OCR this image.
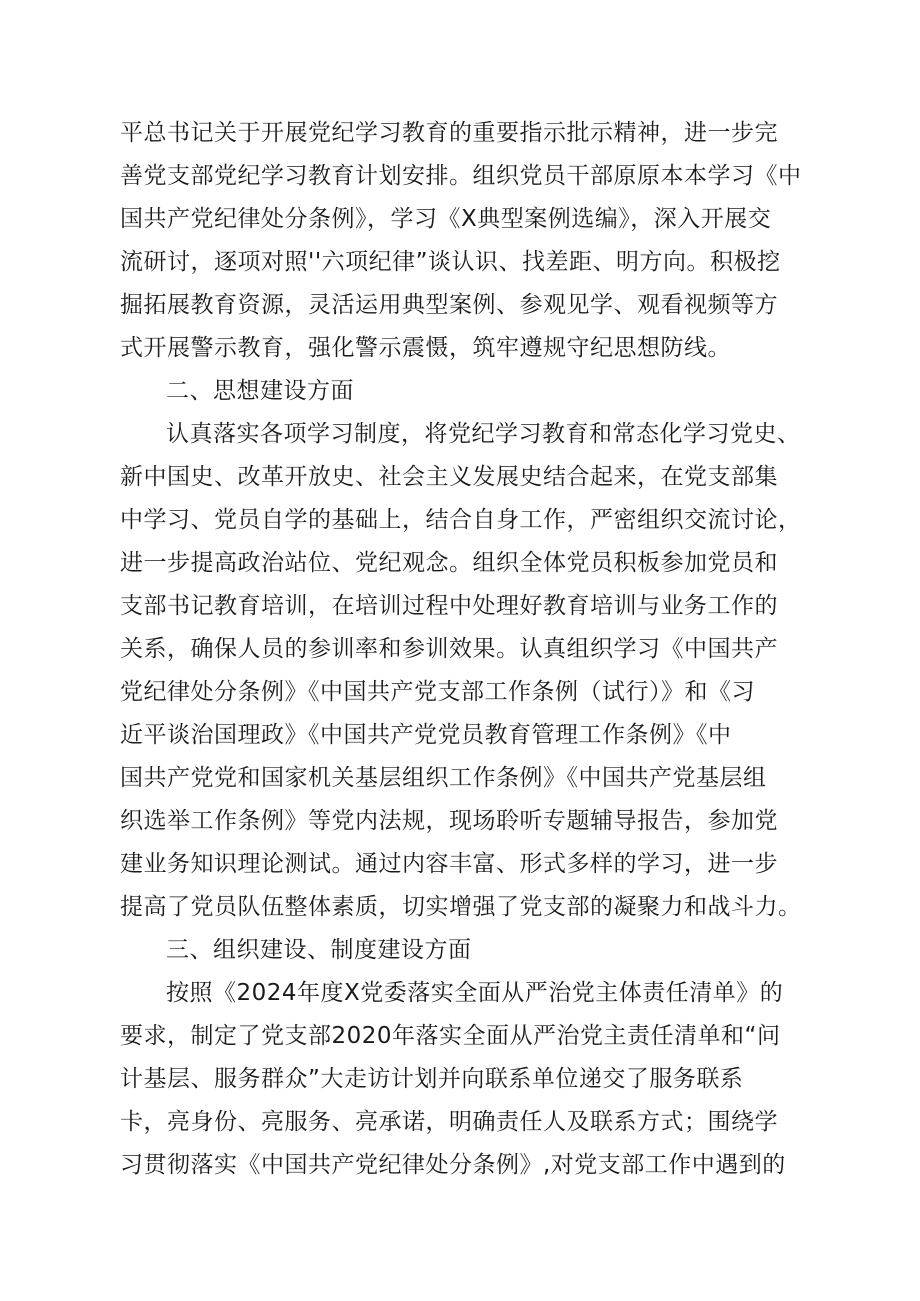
平总书记关于开展党纪学习教育的重要指示批示精神，进一步完
善党支部党纪学习教育计划安排。组织党员干部原原本本学习《中
国共产党纪律处分条例》，学习《X典型案例选编》，深入开展交
流研讨，逐项对照''六项纪律”谈认识、找差距、明方向。积极挖
掘拓展教育资源，灵活运用典型案例、参观见学、观看视频等方
式开展警示教育，强化警示震慑，筑牢遵规守纪思想防线。
二、思想建设方面
认真落实各项学习制度，将党纪学习教育和常态化学习党史、
新中国史、改革开放史、社会主义发展史结合起来，在党支部集
中学习、党员自学的基础上，结合自身工作，严密组织交流讨论，
进一步提高政治站位、党纪观念。组织全体党员积板参加党员和
支部书记教育培训，在培训过程中处理好教育培训与业务工作的
关系，确保人员的参训率和参训效果。认真组织学习《中国共产
党纪律处分条例》《中国共产党支部工作条例（试行）》和《习
近平谈治国理政》《中国共产党党员教育管理工作条例》《中
国共产党党和国家机关基层组织工作条例》《中国共产党基层组
织选举工作条例》等党内法规，现场聆听专题辅导报告，参加党
建业务知识理论测试。通过内容丰富、形式多样的学习，进一步
提高了党员队伍整体素质，切实增强了党支部的凝聚力和战斗力。
三、组织建设、制度建设方面
按照《2024年度X党委落实全面从严治党主体责任清单》的
要求，制定了党支部2020年落实全面从严治党主责任清单和“问
计基层、服务群众”大走访计划并向联系单位递交了服务联系
卡，亮身份、亮服务、亮承诺，明确责任人及联系方式；围绕学
习贯彻落实《中国共产党纪律处分条例》,对党支部工作中遇到的
